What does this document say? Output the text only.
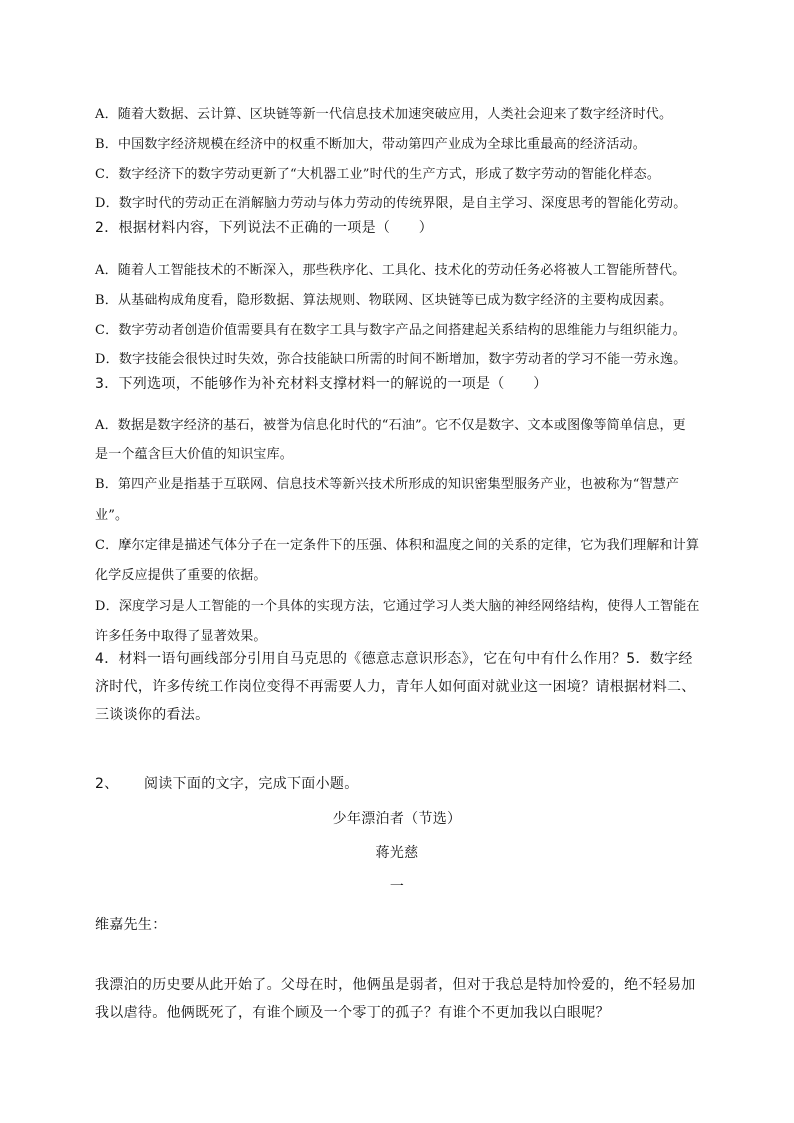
A．随着大数据、云计算、区块链等新一代信息技术加速突破应用，人类社会迎来了数字经济时代。
B．中国数字经济规模在经济中的权重不断加大，带动第四产业成为全球比重最高的经济活动。
C．数字经济下的数字劳动更新了“大机器工业”时代的生产方式，形成了数字劳动的智能化样态。
D．数字时代的劳动正在消解脑力劳动与体力劳动的传统界限，是自主学习、深度思考的智能化劳动。
2．根据材料内容，下列说法不正确的一项是（　　）
A．随着人工智能技术的不断深入，那些秩序化、工具化、技术化的劳动任务必将被人工智能所替代。
B．从基础构成角度看，隐形数据、算法规则、物联网、区块链等已成为数字经济的主要构成因素。
C．数字劳动者创造价值需要具有在数字工具与数字产品之间搭建起关系结构的思维能力与组织能力。
D．数字技能会很快过时失效，弥合技能缺口所需的时间不断增加，数字劳动者的学习不能一劳永逸。
3．下列选项，不能够作为补充材料支撑材料一的解说的一项是（　　）
A．数据是数字经济的基石，被誉为信息化时代的“石油”。它不仅是数字、文本或图像等简单信息，更
是一个蕴含巨大价值的知识宝库。
B．第四产业是指基于互联网、信息技术等新兴技术所形成的知识密集型服务产业，也被称为“智慧产
业”。
C．摩尔定律是描述气体分子在一定条件下的压强、体积和温度之间的关系的定律，它为我们理解和计算
化学反应提供了重要的依据。
D．深度学习是人工智能的一个具体的实现方法，它通过学习人类大脑的神经网络结构，使得人工智能在
许多任务中取得了显著效果。
4．材料一语句画线部分引用自马克思的《德意志意识形态》，它在句中有什么作用？5．数字经
济时代，许多传统工作岗位变得不再需要人力，青年人如何面对就业这一困境？请根据材料二、
三谈谈你的看法。
2、 阅读下面的文字，完成下面小题。
少年漂泊者（节选）
蒋光慈
一
维嘉先生：
我漂泊的历史要从此开始了。父母在时，他俩虽是弱者，但对于我总是特加怜爱的，绝不轻易加
我以虐待。他俩既死了，有谁个顾及一个零丁的孤子？有谁个不更加我以白眼呢？
